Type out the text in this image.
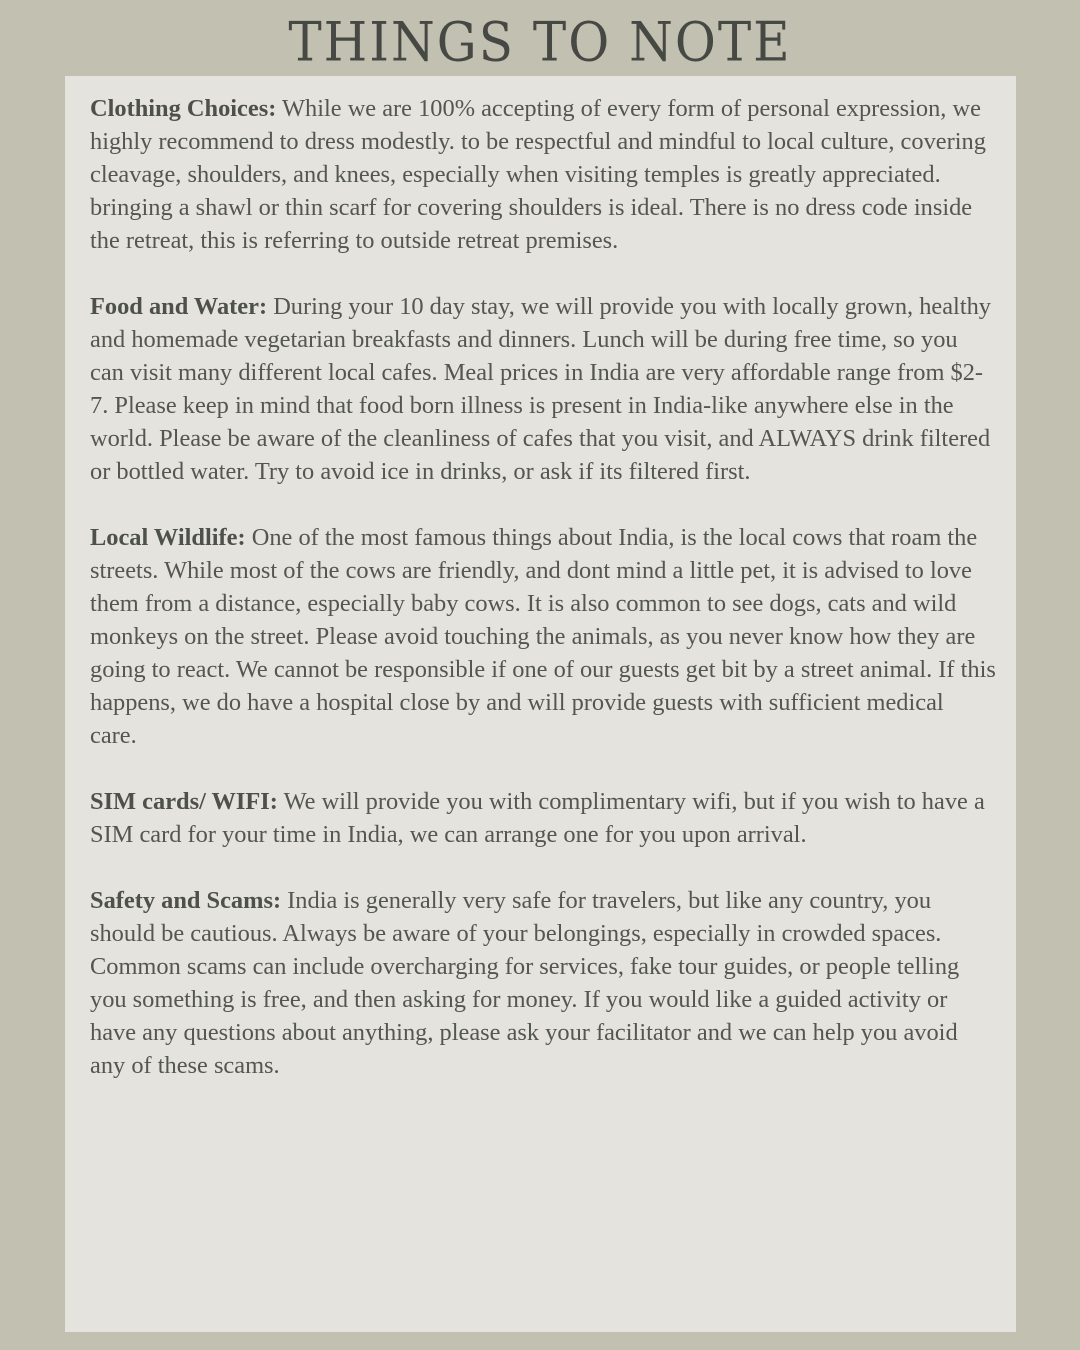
THINGS TO NOTE

Clothing Choices: While we are 100% accepting of every form of personal expression, we highly recommend to dress modestly. to be respectful and mindful to local culture, covering cleavage, shoulders, and knees, especially when visiting temples is greatly appreciated. bringing a shawl or thin scarf for covering shoulders is ideal. There is no dress code inside the retreat, this is referring to outside retreat premises.

Food and Water: During your 10 day stay, we will provide you with locally grown, healthy and homemade vegetarian breakfasts and dinners. Lunch will be during free time, so you can visit many different local cafes. Meal prices in India are very affordable range from $2-7. Please keep in mind that food born illness is present in India-like anywhere else in the world. Please be aware of the cleanliness of cafes that you visit, and ALWAYS drink filtered or bottled water. Try to avoid ice in drinks, or ask if its filtered first.

Local Wildlife: One of the most famous things about India, is the local cows that roam the streets. While most of the cows are friendly, and dont mind a little pet, it is advised to love them from a distance, especially baby cows. It is also common to see dogs, cats and wild monkeys on the street. Please avoid touching the animals, as you never know how they are going to react. We cannot be responsible if one of our guests get bit by a street animal. If this happens, we do have a hospital close by and will provide guests with sufficient medical care.

SIM cards/ WIFI: We will provide you with complimentary wifi, but if you wish to have a SIM card for your time in India, we can arrange one for you upon arrival.

Safety and Scams: India is generally very safe for travelers, but like any country, you should be cautious. Always be aware of your belongings, especially in crowded spaces. Common scams can include overcharging for services, fake tour guides, or people telling you something is free, and then asking for money. If you would like a guided activity or have any questions about anything, please ask your facilitator and we can help you avoid any of these scams.
